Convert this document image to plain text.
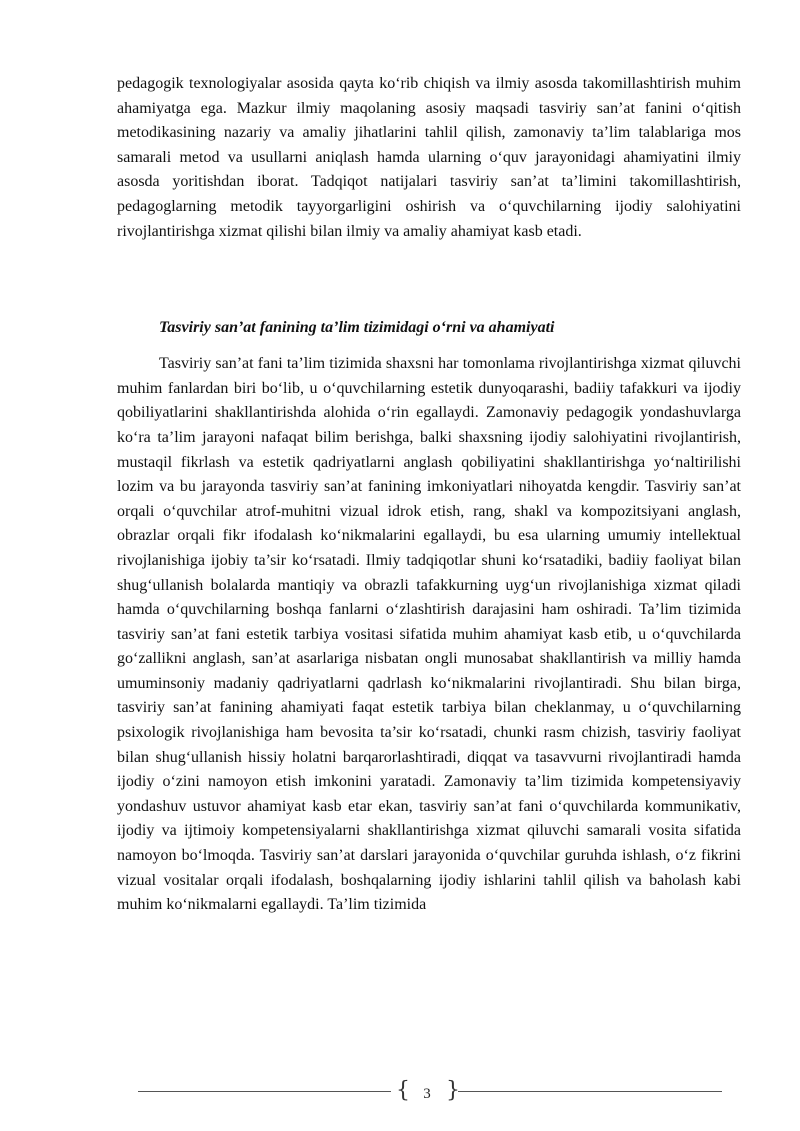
pedagogik texnologiyalar asosida qayta ko‘rib chiqish va ilmiy asosda takomillashtirish muhim ahamiyatga ega. Mazkur ilmiy maqolaning asosiy maqsadi tasviriy san’at fanini o‘qitish metodikasining nazariy va amaliy jihatlarini tahlil qilish, zamonaviy ta’lim talablariga mos samarali metod va usullarni aniqlash hamda ularning o‘quv jarayonidagi ahamiyatini ilmiy asosda yoritishdan iborat. Tadqiqot natijalari tasviriy san’at ta’limini takomillashtirish, pedagoglarning metodik tayyorgarligini oshirish va o‘quvchilarning ijodiy salohiyatini rivojlantirishga xizmat qilishi bilan ilmiy va amaliy ahamiyat kasb etadi.

Tasviriy san’at fanining ta’lim tizimidagi o‘rni va ahamiyati

Tasviriy san’at fani ta’lim tizimida shaxsni har tomonlama rivojlantirishga xizmat qiluvchi muhim fanlardan biri bo‘lib, u o‘quvchilarning estetik dunyoqarashi, badiiy tafakkuri va ijodiy qobiliyatlarini shakllantirishda alohida o‘rin egallaydi. Zamonaviy pedagogik yondashuvlarga ko‘ra ta’lim jarayoni nafaqat bilim berishga, balki shaxsning ijodiy salohiyatini rivojlantirish, mustaqil fikrlash va estetik qadriyatlarni anglash qobiliyatini shakllantirishga yo‘naltirilishi lozim va bu jarayonda tasviriy san’at fanining imkoniyatlari nihoyatda kengdir. Tasviriy san’at orqali o‘quvchilar atrof-muhitni vizual idrok etish, rang, shakl va kompozitsiyani anglash, obrazlar orqali fikr ifodalash ko‘nikmalarini egallaydi, bu esa ularning umumiy intellektual rivojlanishiga ijobiy ta’sir ko‘rsatadi. Ilmiy tadqiqotlar shuni ko‘rsatadiki, badiiy faoliyat bilan shug‘ullanish bolalarda mantiqiy va obrazli tafakkurning uyg‘un rivojlanishiga xizmat qiladi hamda o‘quvchilarning boshqa fanlarni o‘zlashtirish darajasini ham oshiradi. Ta’lim tizimida tasviriy san’at fani estetik tarbiya vositasi sifatida muhim ahamiyat kasb etib, u o‘quvchilarda go‘zallikni anglash, san’at asarlariga nisbatan ongli munosabat shakllantirish va milliy hamda umuminsoniy madaniy qadriyatlarni qadrlash ko‘nikmalarini rivojlantiradi. Shu bilan birga, tasviriy san’at fanining ahamiyati faqat estetik tarbiya bilan cheklanmay, u o‘quvchilarning psixologik rivojlanishiga ham bevosita ta’sir ko‘rsatadi, chunki rasm chizish, tasviriy faoliyat bilan shug‘ullanish hissiy holatni barqarorlashtiradi, diqqat va tasavvurni rivojlantiradi hamda ijodiy o‘zini namoyon etish imkonini yaratadi. Zamonaviy ta’lim tizimida kompetensiyaviy yondashuv ustuvor ahamiyat kasb etar ekan, tasviriy san’at fani o‘quvchilarda kommunikativ, ijodiy va ijtimoiy kompetensiyalarni shakllantirishga xizmat qiluvchi samarali vosita sifatida namoyon bo‘lmoqda. Tasviriy san’at darslari jarayonida o‘quvchilar guruhda ishlash, o‘z fikrini vizual vositalar orqali ifodalash, boshqalarning ijodiy ishlarini tahlil qilish va baholash kabi muhim ko‘nikmalarni egallaydi. Ta’lim tizimida

{ 3 }
